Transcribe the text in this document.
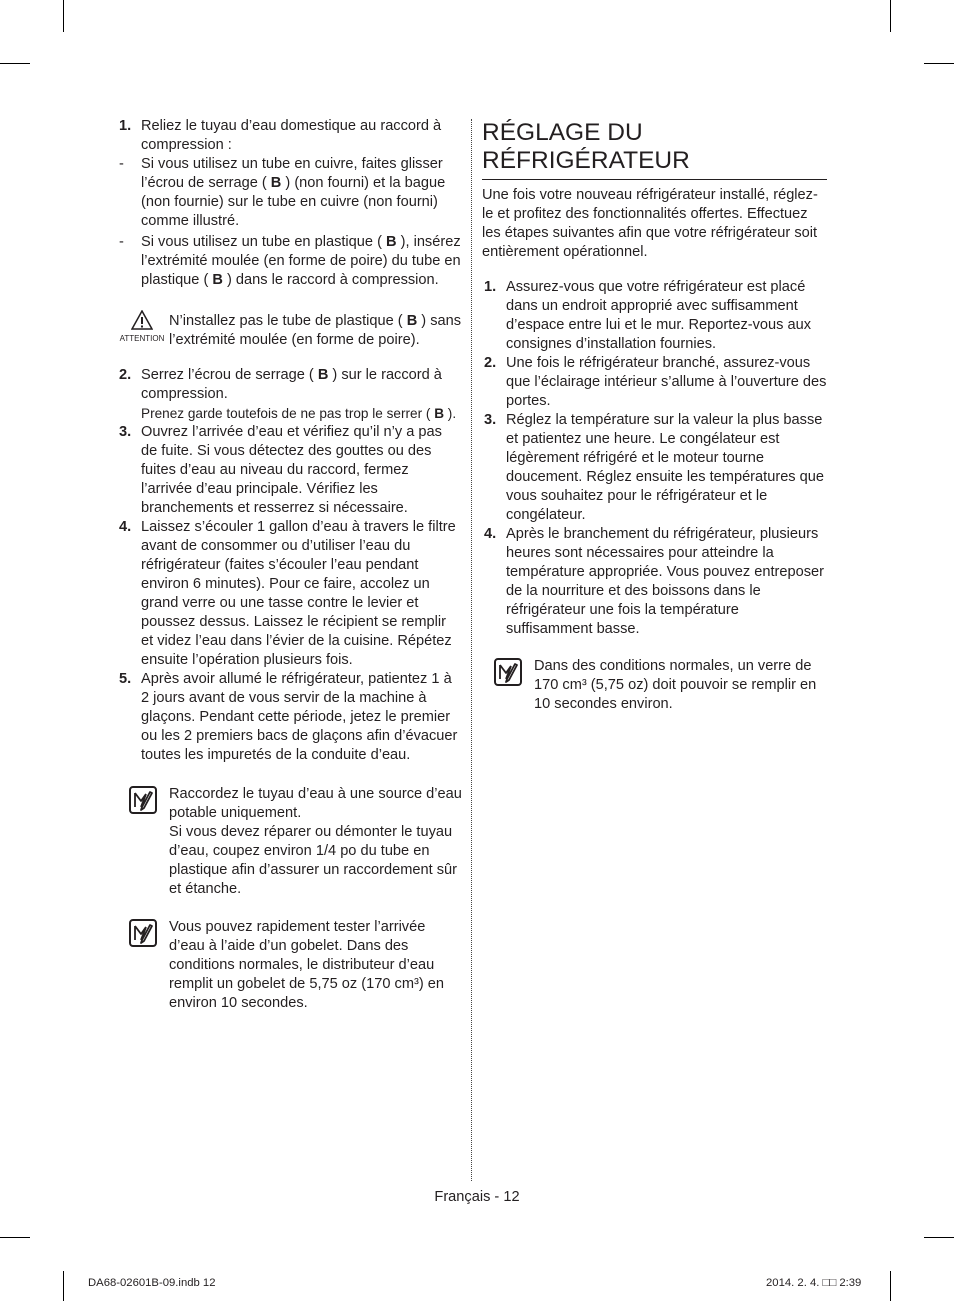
1. Reliez le tuyau d’eau domestique au raccord à compression :
- Si vous utilisez un tube en cuivre, faites glisser l’écrou de serrage ( B ) (non fourni) et la bague (non fournie) sur le tube en cuivre (non fourni) comme illustré.
- Si vous utilisez un tube en plastique ( B ), insérez l’extrémité moulée (en forme de poire) du tube en plastique ( B ) dans le raccord à compression.
ATTENTION
N’installez pas le tube de plastique ( B ) sans l’extrémité moulée (en forme de poire).
2. Serrez l’écrou de serrage ( B ) sur le raccord à compression.
Prenez garde toutefois de ne pas trop le serrer ( B ).
3. Ouvrez l’arrivée d’eau et vérifiez qu’il n’y a pas de fuite. Si vous détectez des gouttes ou des fuites d’eau au niveau du raccord, fermez l’arrivée d’eau principale. Vérifiez les branchements et resserrez si nécessaire.
4. Laissez s’écouler 1 gallon d’eau à travers le filtre avant de consommer ou d’utiliser l’eau du réfrigérateur (faites s’écouler l’eau pendant environ 6 minutes). Pour ce faire, accolez un grand verre ou une tasse contre le levier et poussez dessus. Laissez le récipient se remplir et videz l’eau dans l’évier de la cuisine. Répétez ensuite l’opération plusieurs fois.
5. Après avoir allumé le réfrigérateur, patientez 1 à 2 jours avant de vous servir de la machine à glaçons. Pendant cette période, jetez le premier ou les 2 premiers bacs de glaçons afin d’évacuer toutes les impuretés de la conduite d’eau.
Raccordez le tuyau d’eau à une source d’eau potable uniquement.
Si vous devez réparer ou démonter le tuyau d’eau, coupez environ 1/4 po du tube en plastique afin d’assurer un raccordement sûr et étanche.
Vous pouvez rapidement tester l’arrivée d’eau à l’aide d’un gobelet. Dans des conditions normales, le distributeur d’eau remplit un gobelet de 5,75 oz (170 cm³) en environ 10 secondes.
RÉGLAGE DU
RÉFRIGÉRATEUR
Une fois votre nouveau réfrigérateur installé, réglez-le et profitez des fonctionnalités offertes. Effectuez les étapes suivantes afin que votre réfrigérateur soit entièrement opérationnel.
1. Assurez-vous que votre réfrigérateur est placé dans un endroit approprié avec suffisamment d’espace entre lui et le mur. Reportez-vous aux consignes d’installation fournies.
2. Une fois le réfrigérateur branché, assurez-vous que l’éclairage intérieur s’allume à l’ouverture des portes.
3. Réglez la température sur la valeur la plus basse et patientez une heure. Le congélateur est légèrement réfrigéré et le moteur tourne doucement. Réglez ensuite les températures que vous souhaitez pour le réfrigérateur et le congélateur.
4. Après le branchement du réfrigérateur, plusieurs heures sont nécessaires pour atteindre la température appropriée. Vous pouvez entreposer de la nourriture et des boissons dans le réfrigérateur une fois la température suffisamment basse.
Dans des conditions normales, un verre de 170 cm³ (5,75 oz) doit pouvoir se remplir en 10 secondes environ.
Français - 12
DA68-02601B-09.indb 12	2014. 2. 4. □□ 2:39
